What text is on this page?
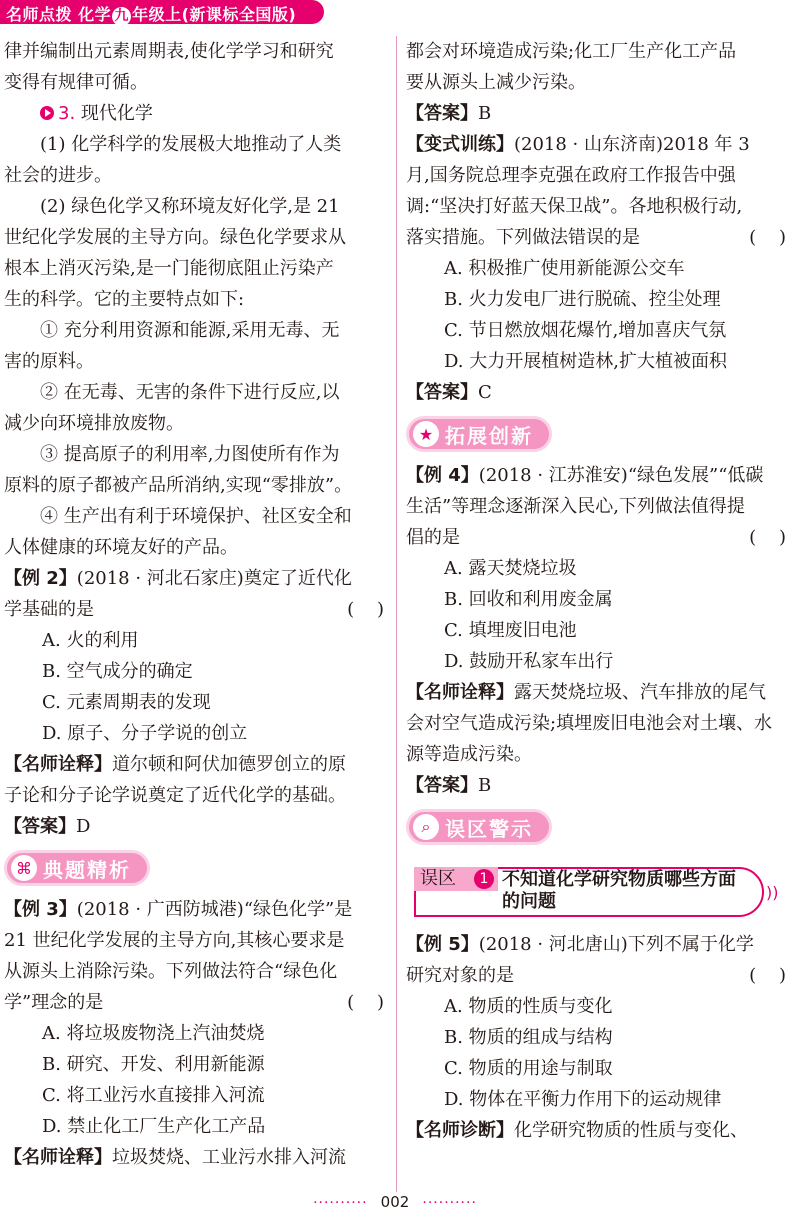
名师点拨 化学 九 年级上(新课标全国版)

律并编制出元素周期表,使化学学习和研究

变得有规律可循。

3. 现代化学

(1) 化学科学的发展极大地推动了人类

社会的进步。

(2) 绿色化学又称环境友好化学,是 21

世纪化学发展的主导方向。绿色化学要求从

根本上消灭污染,是一门能彻底阻止污染产

生的科学。它的主要特点如下:

① 充分利用资源和能源,采用无毒、无

害的原料。

② 在无毒、无害的条件下进行反应,以

减少向环境排放废物。

③ 提高原子的利用率,力图使所有作为

原料的原子都被产品所消纳,实现“零排放”。

④ 生产出有利于环境保护、社区安全和

人体健康的环境友好的产品。

【例 2】(2018 · 河北石家庄)奠定了近代化

学基础的是	(    )
A. 火的利用
B. 空气成分的确定
C. 元素周期表的发现
D. 原子、分子学说的创立

【名师诠释】道尔顿和阿伏加德罗创立的原

子论和分子论学说奠定了近代化学的基础。

【答案】D

⌘ 典题精析

【例 3】(2018 · 广西防城港)“绿色化学”是

21 世纪化学发展的主导方向,其核心要求是

从源头上消除污染。下列做法符合“绿色化

学”理念的是	(    )
A. 将垃圾废物浇上汽油焚烧
B. 研究、开发、利用新能源
C. 将工业污水直接排入河流
D. 禁止化工厂生产化工产品

【名师诠释】垃圾焚烧、工业污水排入河流

都会对环境造成污染;化工厂生产化工产品

要从源头上减少污染。

【答案】B

【变式训练】(2018 · 山东济南)2018 年 3

月,国务院总理李克强在政府工作报告中强

调:“坚决打好蓝天保卫战”。各地积极行动,

落实措施。下列做法错误的是	(    )
A. 积极推广使用新能源公交车
B. 火力发电厂进行脱硫、控尘处理
C. 节日燃放烟花爆竹,增加喜庆气氛
D. 大力开展植树造林,扩大植被面积

【答案】C

★ 拓展创新

【例 4】(2018 · 江苏淮安)“绿色发展”“低碳

生活”等理念逐渐深入民心,下列做法值得提

倡的是	(    )
A. 露天焚烧垃圾
B. 回收和利用废金属
C. 填埋废旧电池
D. 鼓励开私家车出行

【名师诠释】露天焚烧垃圾、汽车排放的尾气

会对空气造成污染;填埋废旧电池会对土壤、水

源等造成污染。

【答案】B

⌕ 误区警示
误区	1 不知道化学研究物质哪些方面的问题	))

【例 5】(2018 · 河北唐山)下列不属于化学

研究对象的是	(    )
A. 物质的性质与变化
B. 物质的组成与结构
C. 物质的用途与制取
D. 物体在平衡力作用下的运动规律

【名师诊断】化学研究物质的性质与变化、

·········· 002 ··········
